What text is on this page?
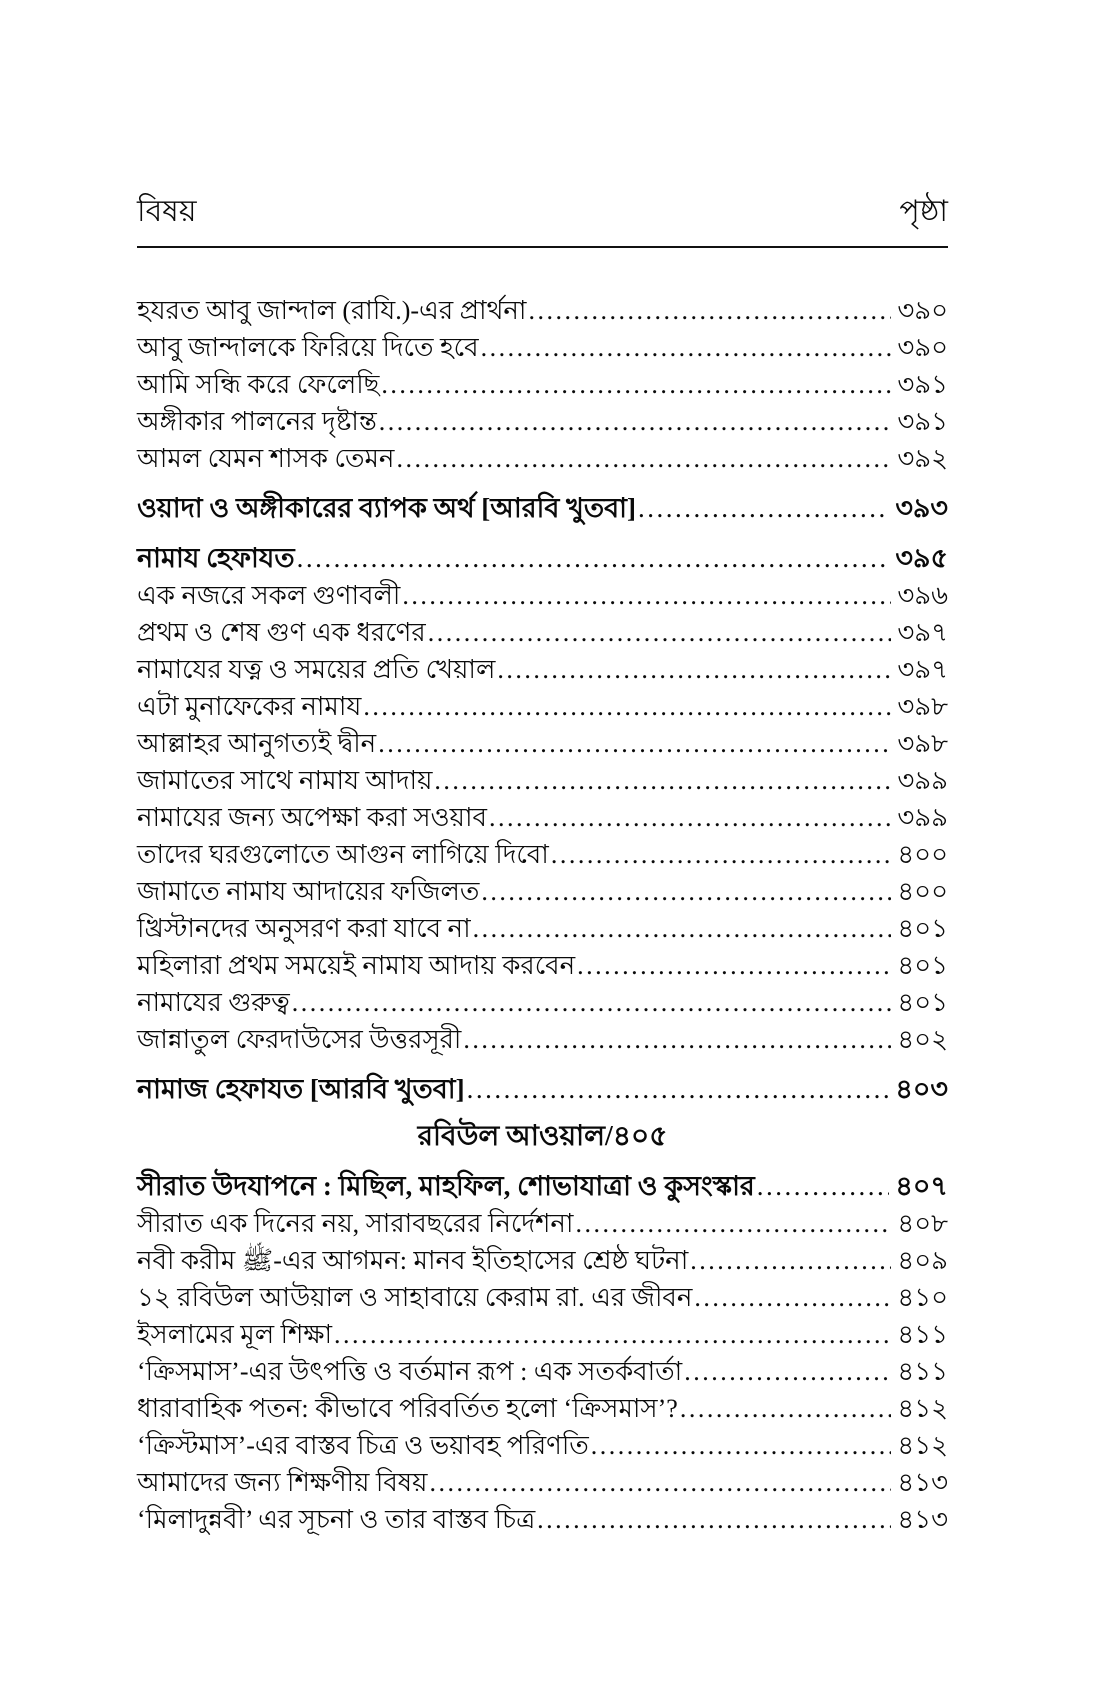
বিষয়	পৃষ্ঠা
হযরত আবু জান্দাল (রাযি.)-এর প্রার্থনা .....	৩৯০
আবু জান্দালকে ফিরিয়ে দিতে হবে .....	৩৯০
আমি সন্ধি করে ফেলেছি .....	৩৯১
অঙ্গীকার পালনের দৃষ্টান্ত .....	৩৯১
আমল যেমন শাসক তেমন .....	৩৯২
ওয়াদা ও অঙ্গীকারের ব্যাপক অর্থ [আরবি খুতবা] .....	৩৯৩
নামায হেফাযত .....	৩৯৫
এক নজরে সকল গুণাবলী .....	৩৯৬
প্রথম ও শেষ গুণ এক ধরণের .....	৩৯৭
নামাযের যত্ন ও সময়ের প্রতি খেয়াল .....	৩৯৭
এটা মুনাফেকের নামায .....	৩৯৮
আল্লাহর আনুগত্যই দ্বীন .....	৩৯৮
জামাতের সাথে নামায আদায় .....	৩৯৯
নামাযের জন্য অপেক্ষা করা সওয়াব .....	৩৯৯
তাদের ঘরগুলোতে আগুন লাগিয়ে দিবো .....	৪০০
জামাতে নামায আদায়ের ফজিলত .....	৪০০
খ্রিস্টানদের অনুসরণ করা যাবে না .....	৪০১
মহিলারা প্রথম সময়েই নামায আদায় করবেন .....	৪০১
নামাযের গুরুত্ব .....	৪০১
জান্নাতুল ফেরদাউসের উত্তরসূরী .....	৪০২
নামাজ হেফাযত [আরবি খুতবা] .....	৪০৩
রবিউল আওয়াল/৪০৫
সীরাত উদযাপনে : মিছিল, মাহফিল, শোভাযাত্রা ও কুসংস্কার .....	৪০৭
সীরাত এক দিনের নয়, সারাবছরের নির্দেশনা .....	৪০৮
নবী করীম ﷺ-এর আগমন: মানব ইতিহাসের শ্রেষ্ঠ ঘটনা .....	৪০৯
১২ রবিউল আউয়াল ও সাহাবায়ে কেরাম রা. এর জীবন .....	৪১০
ইসলামের মূল শিক্ষা .....	৪১১
‘ক্রিসমাস’-এর উৎপত্তি ও বর্তমান রূপ : এক সতর্কবার্তা .....	৪১১
ধারাবাহিক পতন: কীভাবে পরিবর্তিত হলো ‘ক্রিসমাস’? .....	৪১২
‘ক্রিস্টমাস’-এর বাস্তব চিত্র ও ভয়াবহ পরিণতি .....	৪১২
আমাদের জন্য শিক্ষণীয় বিষয় .....	৪১৩
‘মিলাদুন্নবী’ এর সূচনা ও তার বাস্তব চিত্র .....	৪১৩
